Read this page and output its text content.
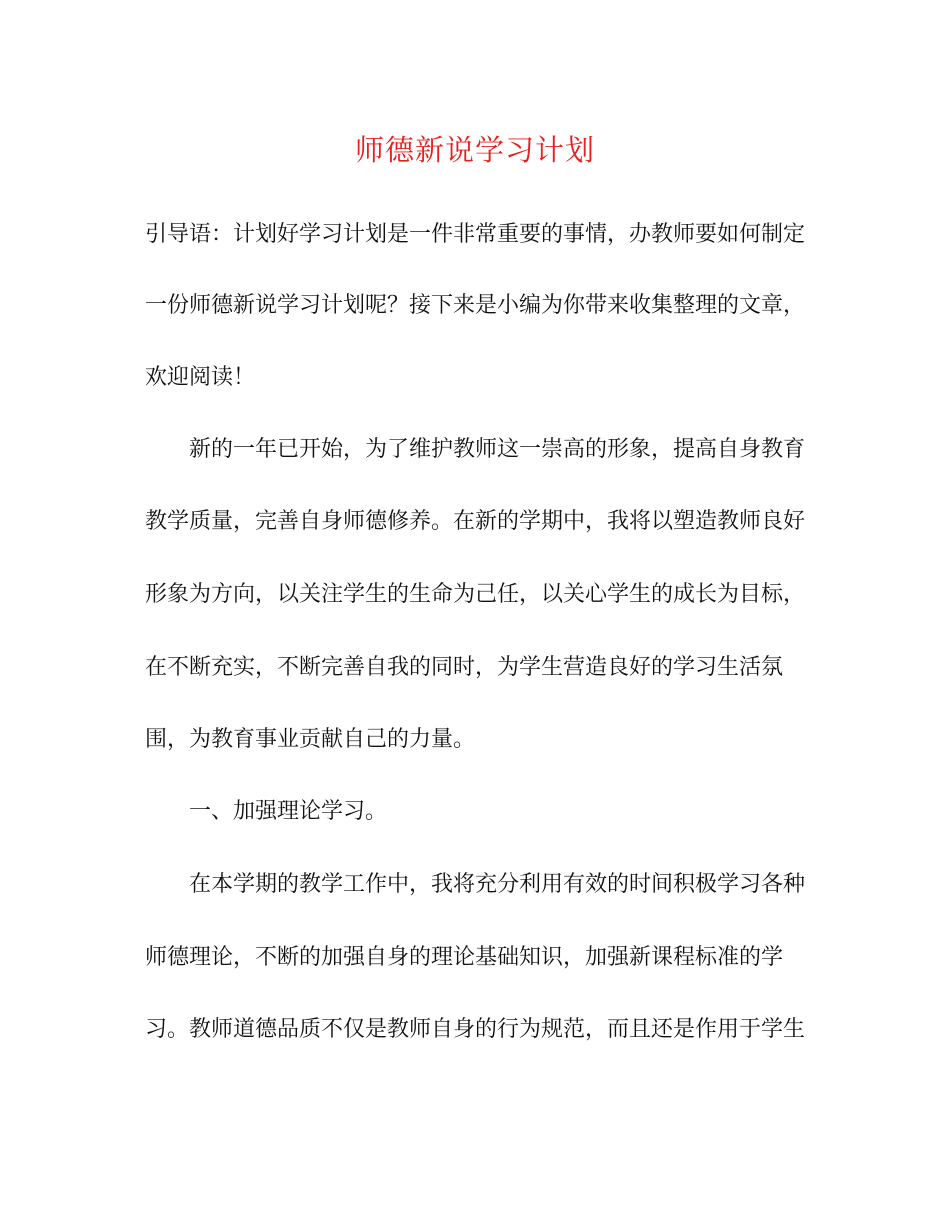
师德新说学习计划
引导语：计划好学习计划是一件非常重要的事情，办教师要如何制定
一份师德新说学习计划呢？接下来是小编为你带来收集整理的文章，
欢迎阅读！
新的一年已开始，为了维护教师这一崇高的形象，提高自身教育
教学质量，完善自身师德修养。在新的学期中，我将以塑造教师良好
形象为方向，以关注学生的生命为己任，以关心学生的成长为目标，
在不断充实，不断完善自我的同时，为学生营造良好的学习生活氛
围，为教育事业贡献自己的力量。
一、加强理论学习。
在本学期的教学工作中，我将充分利用有效的时间积极学习各种
师德理论，不断的加强自身的理论基础知识，加强新课程标准的学
习。教师道德品质不仅是教师自身的行为规范，而且还是作用于学生
